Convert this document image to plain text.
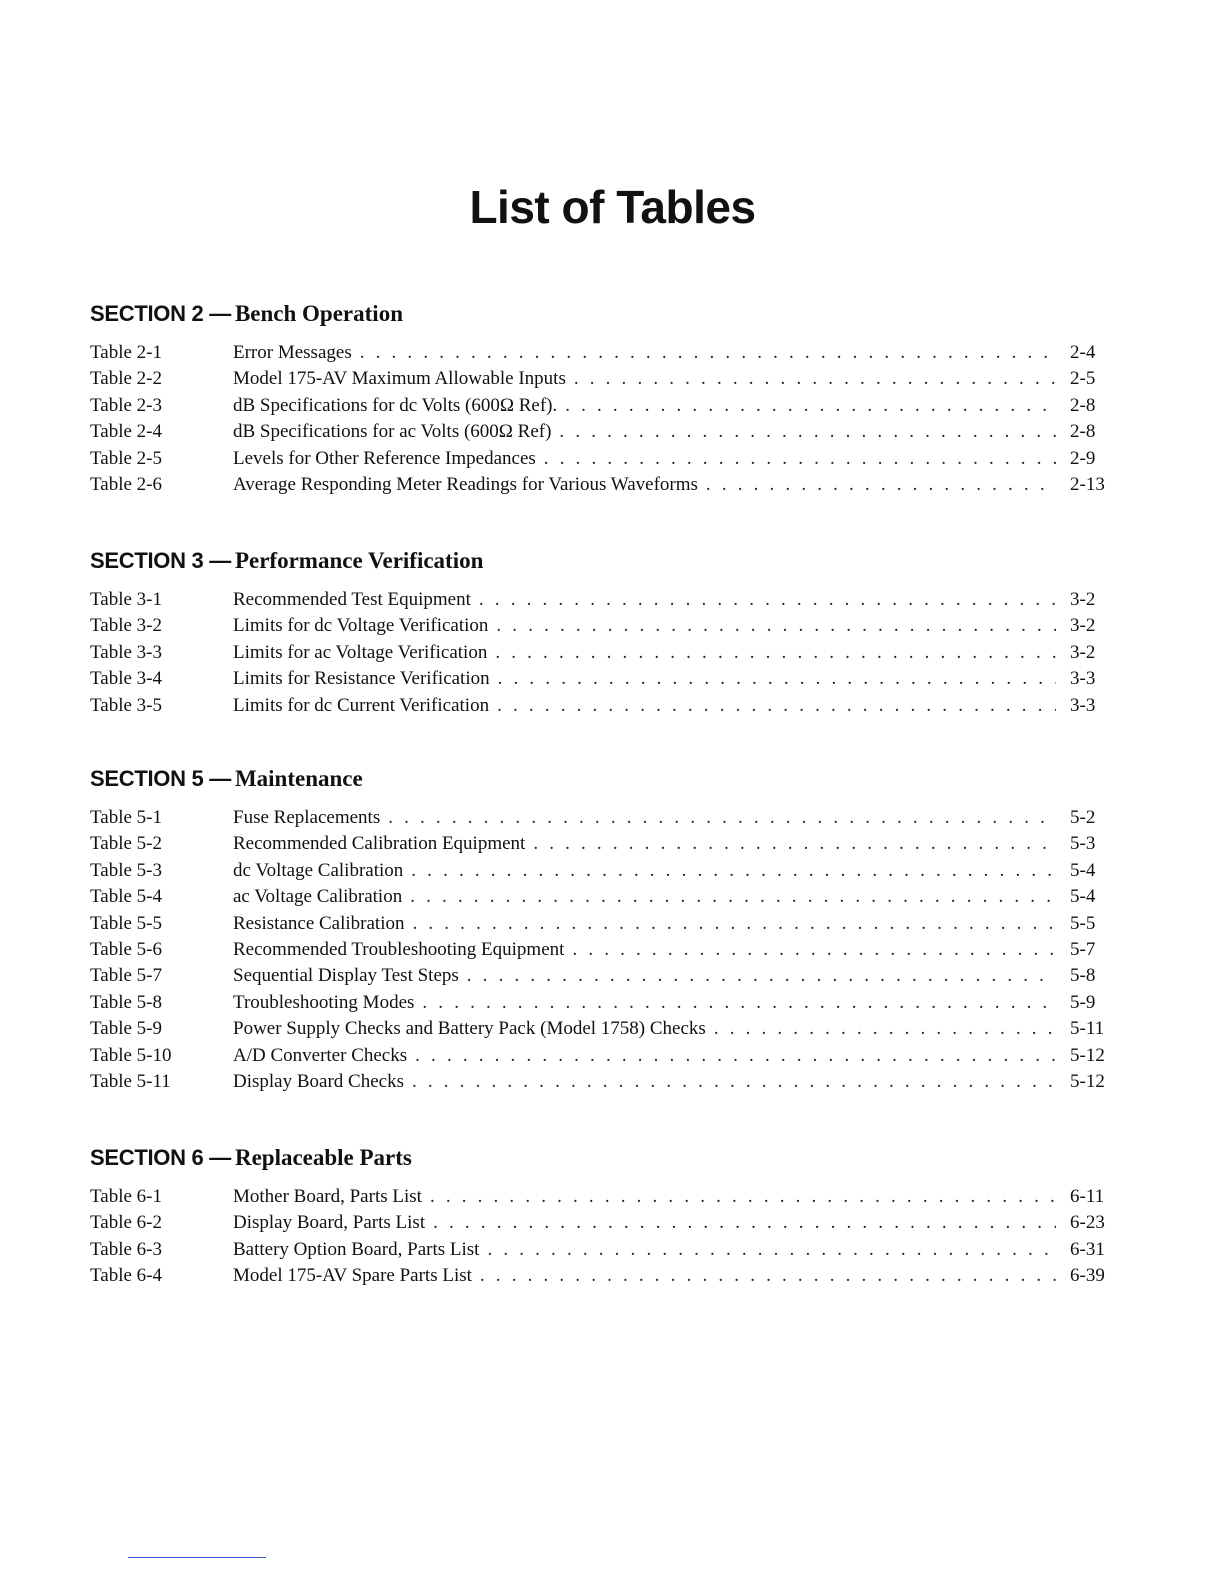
List of Tables
SECTION 2 — Bench Operation
Table 2-1	Error Messages . . .	2-4
Table 2-2	Model 175-AV Maximum Allowable Inputs . . .	2-5
Table 2-3	dB Specifications for dc Volts (600Ω Ref). . . .	2-8
Table 2-4	dB Specifications for ac Volts (600Ω Ref) . . .	2-8
Table 2-5	Levels for Other Reference Impedances . . .	2-9
Table 2-6	Average Responding Meter Readings for Various Waveforms . . .	2-13
SECTION 3 — Performance Verification
Table 3-1	Recommended Test Equipment . . .	3-2
Table 3-2	Limits for dc Voltage Verification . . .	3-2
Table 3-3	Limits for ac Voltage Verification . . .	3-2
Table 3-4	Limits for Resistance Verification . . .	3-3
Table 3-5	Limits for dc Current Verification . . .	3-3
SECTION 5 — Maintenance
Table 5-1	Fuse Replacements . . .	5-2
Table 5-2	Recommended Calibration Equipment . . .	5-3
Table 5-3	dc Voltage Calibration . . .	5-4
Table 5-4	ac Voltage Calibration . . .	5-4
Table 5-5	Resistance Calibration . . .	5-5
Table 5-6	Recommended Troubleshooting Equipment . . .	5-7
Table 5-7	Sequential Display Test Steps . . .	5-8
Table 5-8	Troubleshooting Modes . . .	5-9
Table 5-9	Power Supply Checks and Battery Pack (Model 1758) Checks . . .	5-11
Table 5-10	A/D Converter Checks . . .	5-12
Table 5-11	Display Board Checks . . .	5-12
SECTION 6 — Replaceable Parts
Table 6-1	Mother Board, Parts List . . .	6-11
Table 6-2	Display Board, Parts List . . .	6-23
Table 6-3	Battery Option Board, Parts List . . .	6-31
Table 6-4	Model 175-AV Spare Parts List . . .	6-39
